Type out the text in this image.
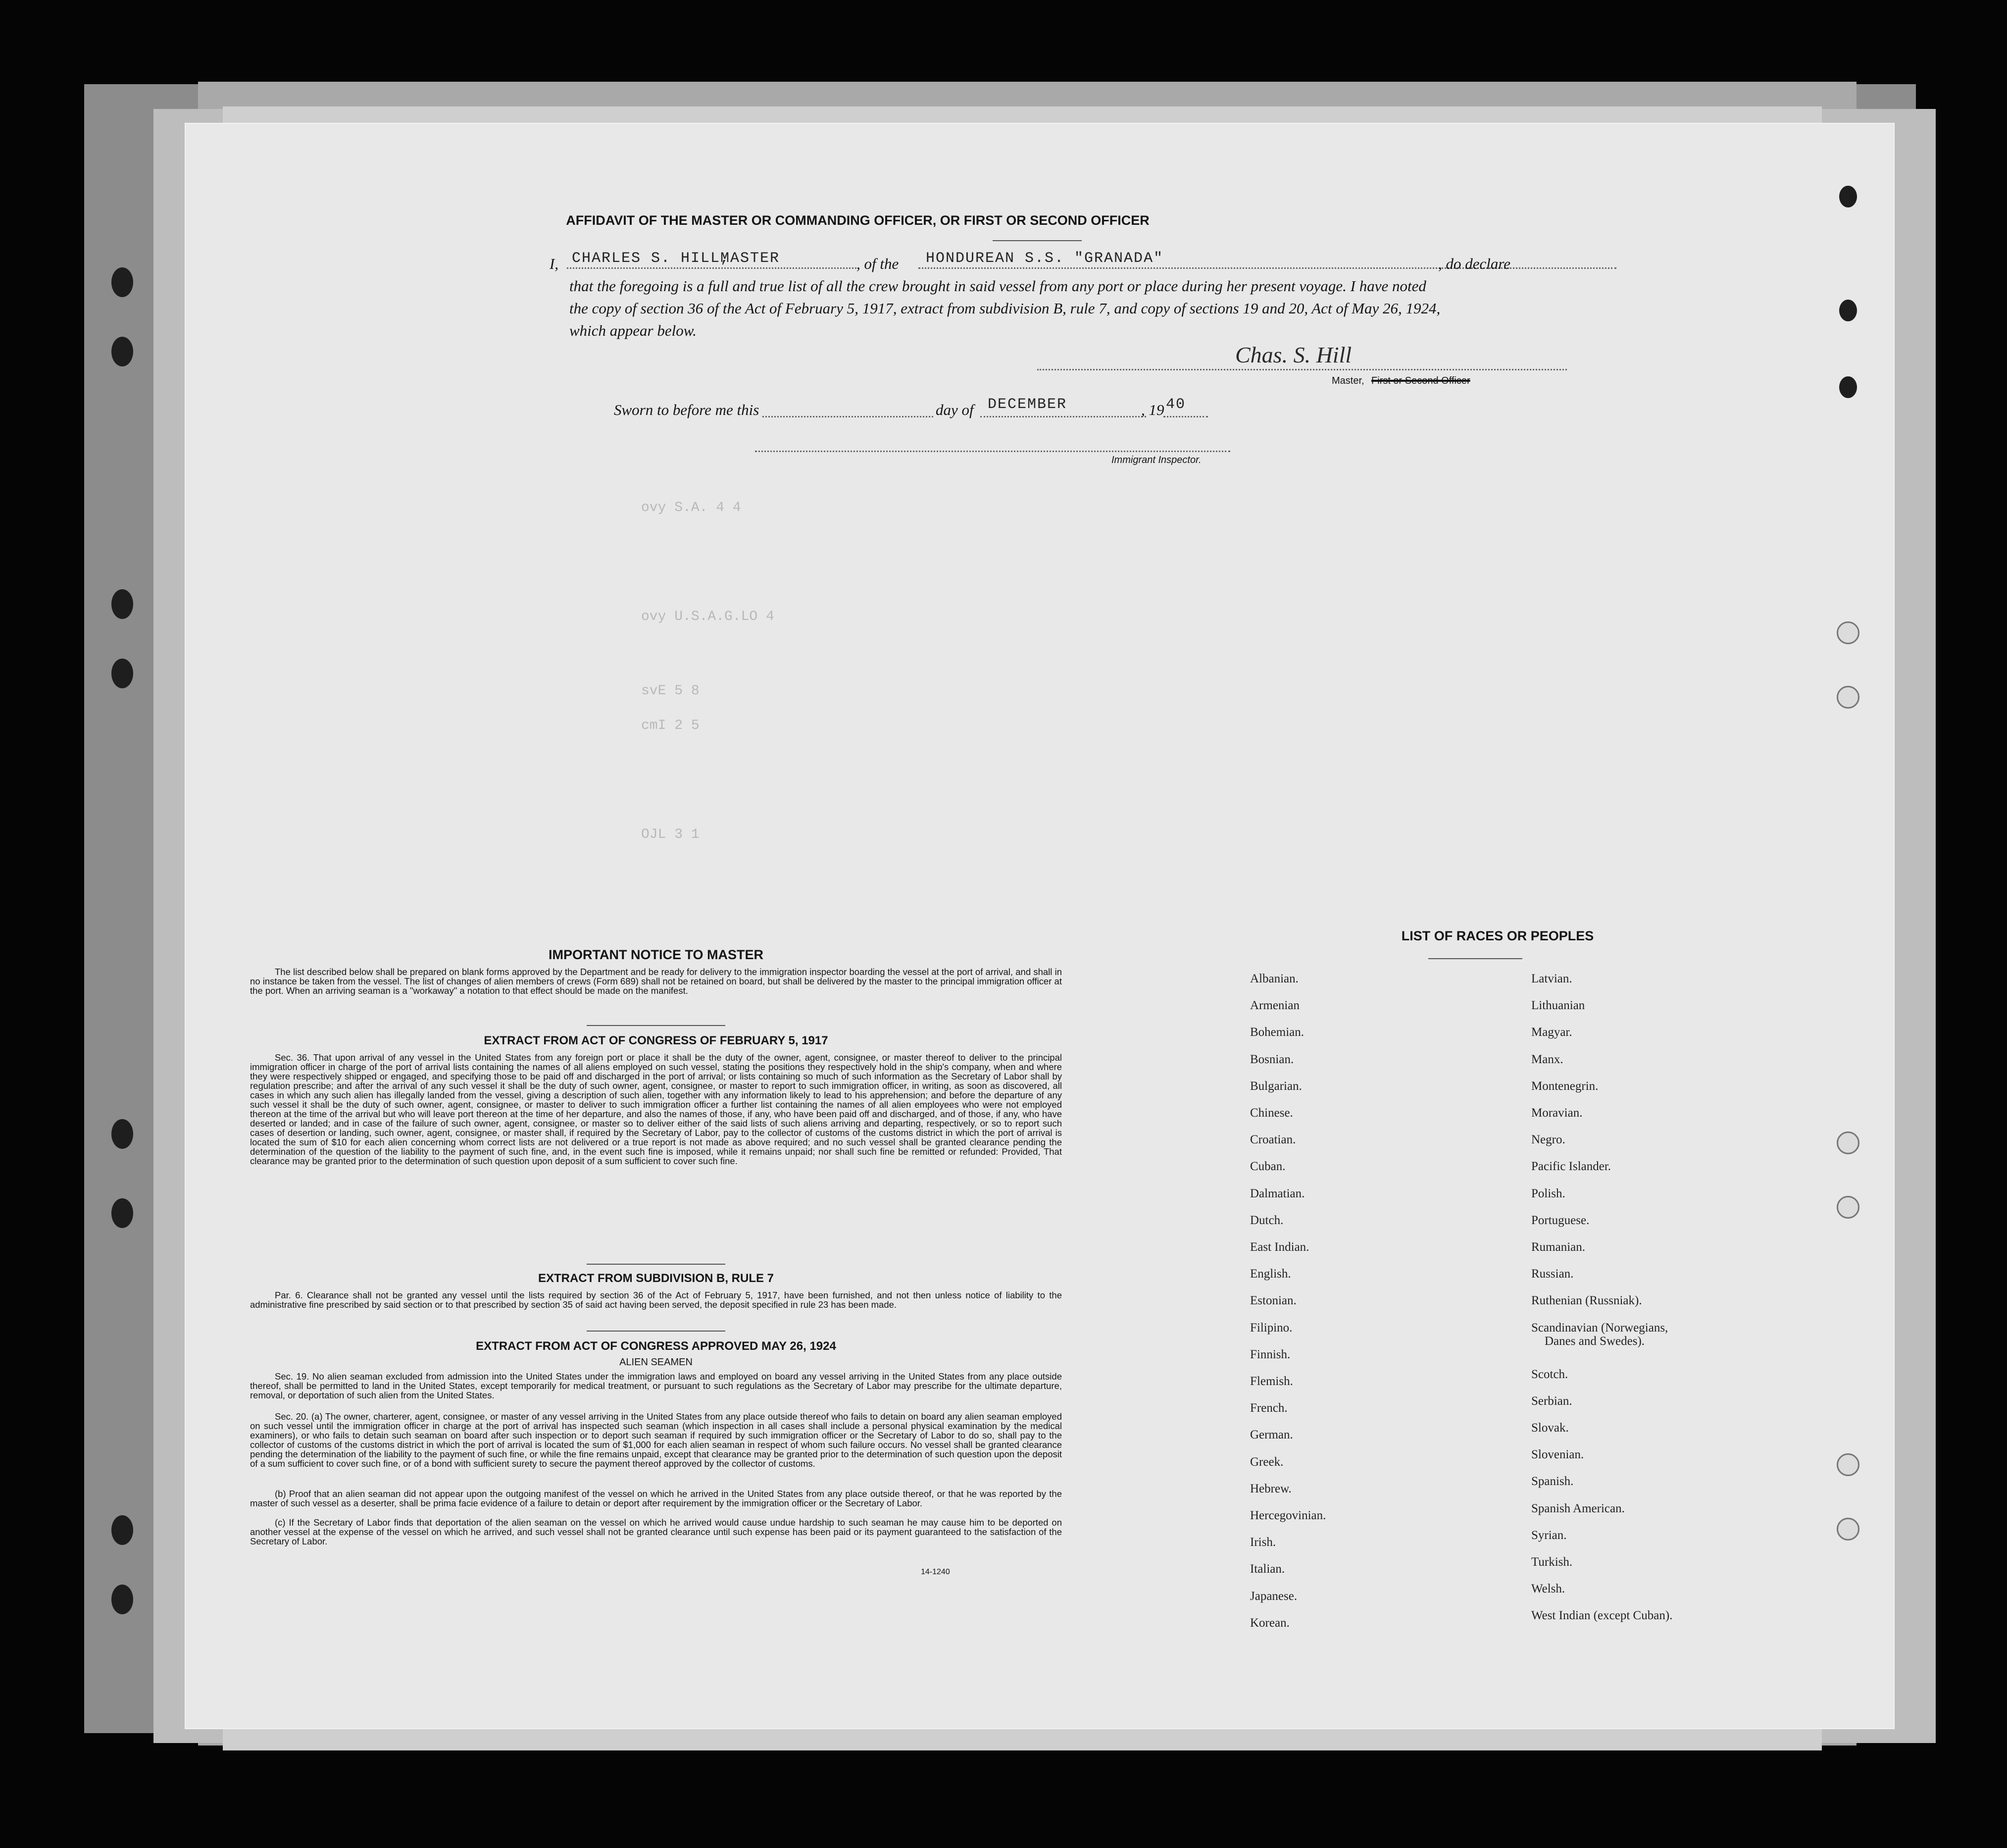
AFFIDAVIT OF THE MASTER OR COMMANDING OFFICER, OR FIRST OR SECOND OFFICER
I, CHARLES S. HILL,
MASTER	, of the HONDUREAN S.S. "GRANADA"	, do declare
that the foregoing is a full and true list of all the crew brought in said vessel from any port or place during her present voyage. I have noted
the copy of section 36 of the Act of February 5, 1917, extract from subdivision B, rule 7, and copy of sections 19 and 20, Act of May 26, 1924,
which appear below.
Chas. S. Hill
Master, First or Second Officer
Sworn to before me this	day of DECEMBER	, 19 40
Immigrant Inspector.
ovy S.A. 4 4
ovy U.S.A.G.LO 4
svE 5 8
cmI 2 5
OJL 3 1
IMPORTANT NOTICE TO MASTER
The list described below shall be prepared on blank forms approved by the Department and be ready for delivery to the immigration inspector boarding the vessel at the port of arrival, and shall in no instance be taken from the vessel. The list of changes of alien members of crews (Form 689) shall not be retained on board, but shall be delivered by the master to the principal immigration officer at the port. When an arriving seaman is a "workaway" a notation to that effect should be made on the manifest.
EXTRACT FROM ACT OF CONGRESS OF FEBRUARY 5, 1917
Sec. 36. That upon arrival of any vessel in the United States from any foreign port or place it shall be the duty of the owner, agent, consignee, or master thereof to deliver to the principal immigration officer in charge of the port of arrival lists containing the names of all aliens employed on such vessel, stating the positions they respectively hold in the ship's company, when and where they were respectively shipped or engaged, and specifying those to be paid off and discharged in the port of arrival; or lists containing so much of such information as the Secretary of Labor shall by regulation prescribe; and after the arrival of any such vessel it shall be the duty of such owner, agent, consignee, or master to report to such immigration officer, in writing, as soon as discovered, all cases in which any such alien has illegally landed from the vessel, giving a description of such alien, together with any information likely to lead to his apprehension; and before the departure of any such vessel it shall be the duty of such owner, agent, consignee, or master to deliver to such immigration officer a further list containing the names of all alien employees who were not employed thereon at the time of the arrival but who will leave port thereon at the time of her departure, and also the names of those, if any, who have been paid off and discharged, and of those, if any, who have deserted or landed; and in case of the failure of such owner, agent, consignee, or master so to deliver either of the said lists of such aliens arriving and departing, respectively, or so to report such cases of desertion or landing, such owner, agent, consignee, or master shall, if required by the Secretary of Labor, pay to the collector of customs of the customs district in which the port of arrival is located the sum of $10 for each alien concerning whom correct lists are not delivered or a true report is not made as above required; and no such vessel shall be granted clearance pending the determination of the question of the liability to the payment of such fine, and, in the event such fine is imposed, while it remains unpaid; nor shall such fine be remitted or refunded: Provided, That clearance may be granted prior to the determination of such question upon deposit of a sum sufficient to cover such fine.
EXTRACT FROM SUBDIVISION B, RULE 7
Par. 6. Clearance shall not be granted any vessel until the lists required by section 36 of the Act of February 5, 1917, have been furnished, and not then unless notice of liability to the administrative fine prescribed by said section or to that prescribed by section 35 of said act having been served, the deposit specified in rule 23 has been made.
EXTRACT FROM ACT OF CONGRESS APPROVED MAY 26, 1924
ALIEN SEAMEN
Sec. 19. No alien seaman excluded from admission into the United States under the immigration laws and employed on board any vessel arriving in the United States from any place outside thereof, shall be permitted to land in the United States, except temporarily for medical treatment, or pursuant to such regulations as the Secretary of Labor may prescribe for the ultimate departure, removal, or deportation of such alien from the United States.
Sec. 20. (a) The owner, charterer, agent, consignee, or master of any vessel arriving in the United States from any place outside thereof who fails to detain on board any alien seaman employed on such vessel until the immigration officer in charge at the port of arrival has inspected such seaman (which inspection in all cases shall include a personal physical examination by the medical examiners), or who fails to detain such seaman on board after such inspection or to deport such seaman if required by such immigration officer or the Secretary of Labor to do so, shall pay to the collector of customs of the customs district in which the port of arrival is located the sum of $1,000 for each alien seaman in respect of whom such failure occurs. No vessel shall be granted clearance pending the determination of the liability to the payment of such fine, or while the fine remains unpaid, except that clearance may be granted prior to the determination of such question upon the deposit of a sum sufficient to cover such fine, or of a bond with sufficient surety to secure the payment thereof approved by the collector of customs.
(b) Proof that an alien seaman did not appear upon the outgoing manifest of the vessel on which he arrived in the United States from any place outside thereof, or that he was reported by the master of such vessel as a deserter, shall be prima facie evidence of a failure to detain or deport after requirement by the immigration officer or the Secretary of Labor.
(c) If the Secretary of Labor finds that deportation of the alien seaman on the vessel on which he arrived would cause undue hardship to such seaman he may cause him to be deported on another vessel at the expense of the vessel on which he arrived, and such vessel shall not be granted clearance until such expense has been paid or its payment guaranteed to the satisfaction of the Secretary of Labor.
14-1240
LIST OF RACES OR PEOPLES
Albanian.
Armenian
Bohemian.
Bosnian.
Bulgarian.
Chinese.
Croatian.
Cuban.
Dalmatian.
Dutch.
East Indian.
English.
Estonian.
Filipino.
Finnish.
Flemish.
French.
German.
Greek.
Hebrew.
Hercegovinian.
Irish.
Italian.
Japanese.
Korean.
Latvian.
Lithuanian
Magyar.
Manx.
Montenegrin.
Moravian.
Negro.
Pacific Islander.
Polish.
Portuguese.
Rumanian.
Russian.
Ruthenian (Russniak).
Scandinavian (Norwegians,
Danes and Swedes).
Scotch.
Serbian.
Slovak.
Slovenian.
Spanish.
Spanish American.
Syrian.
Turkish.
Welsh.
West Indian (except Cuban).
